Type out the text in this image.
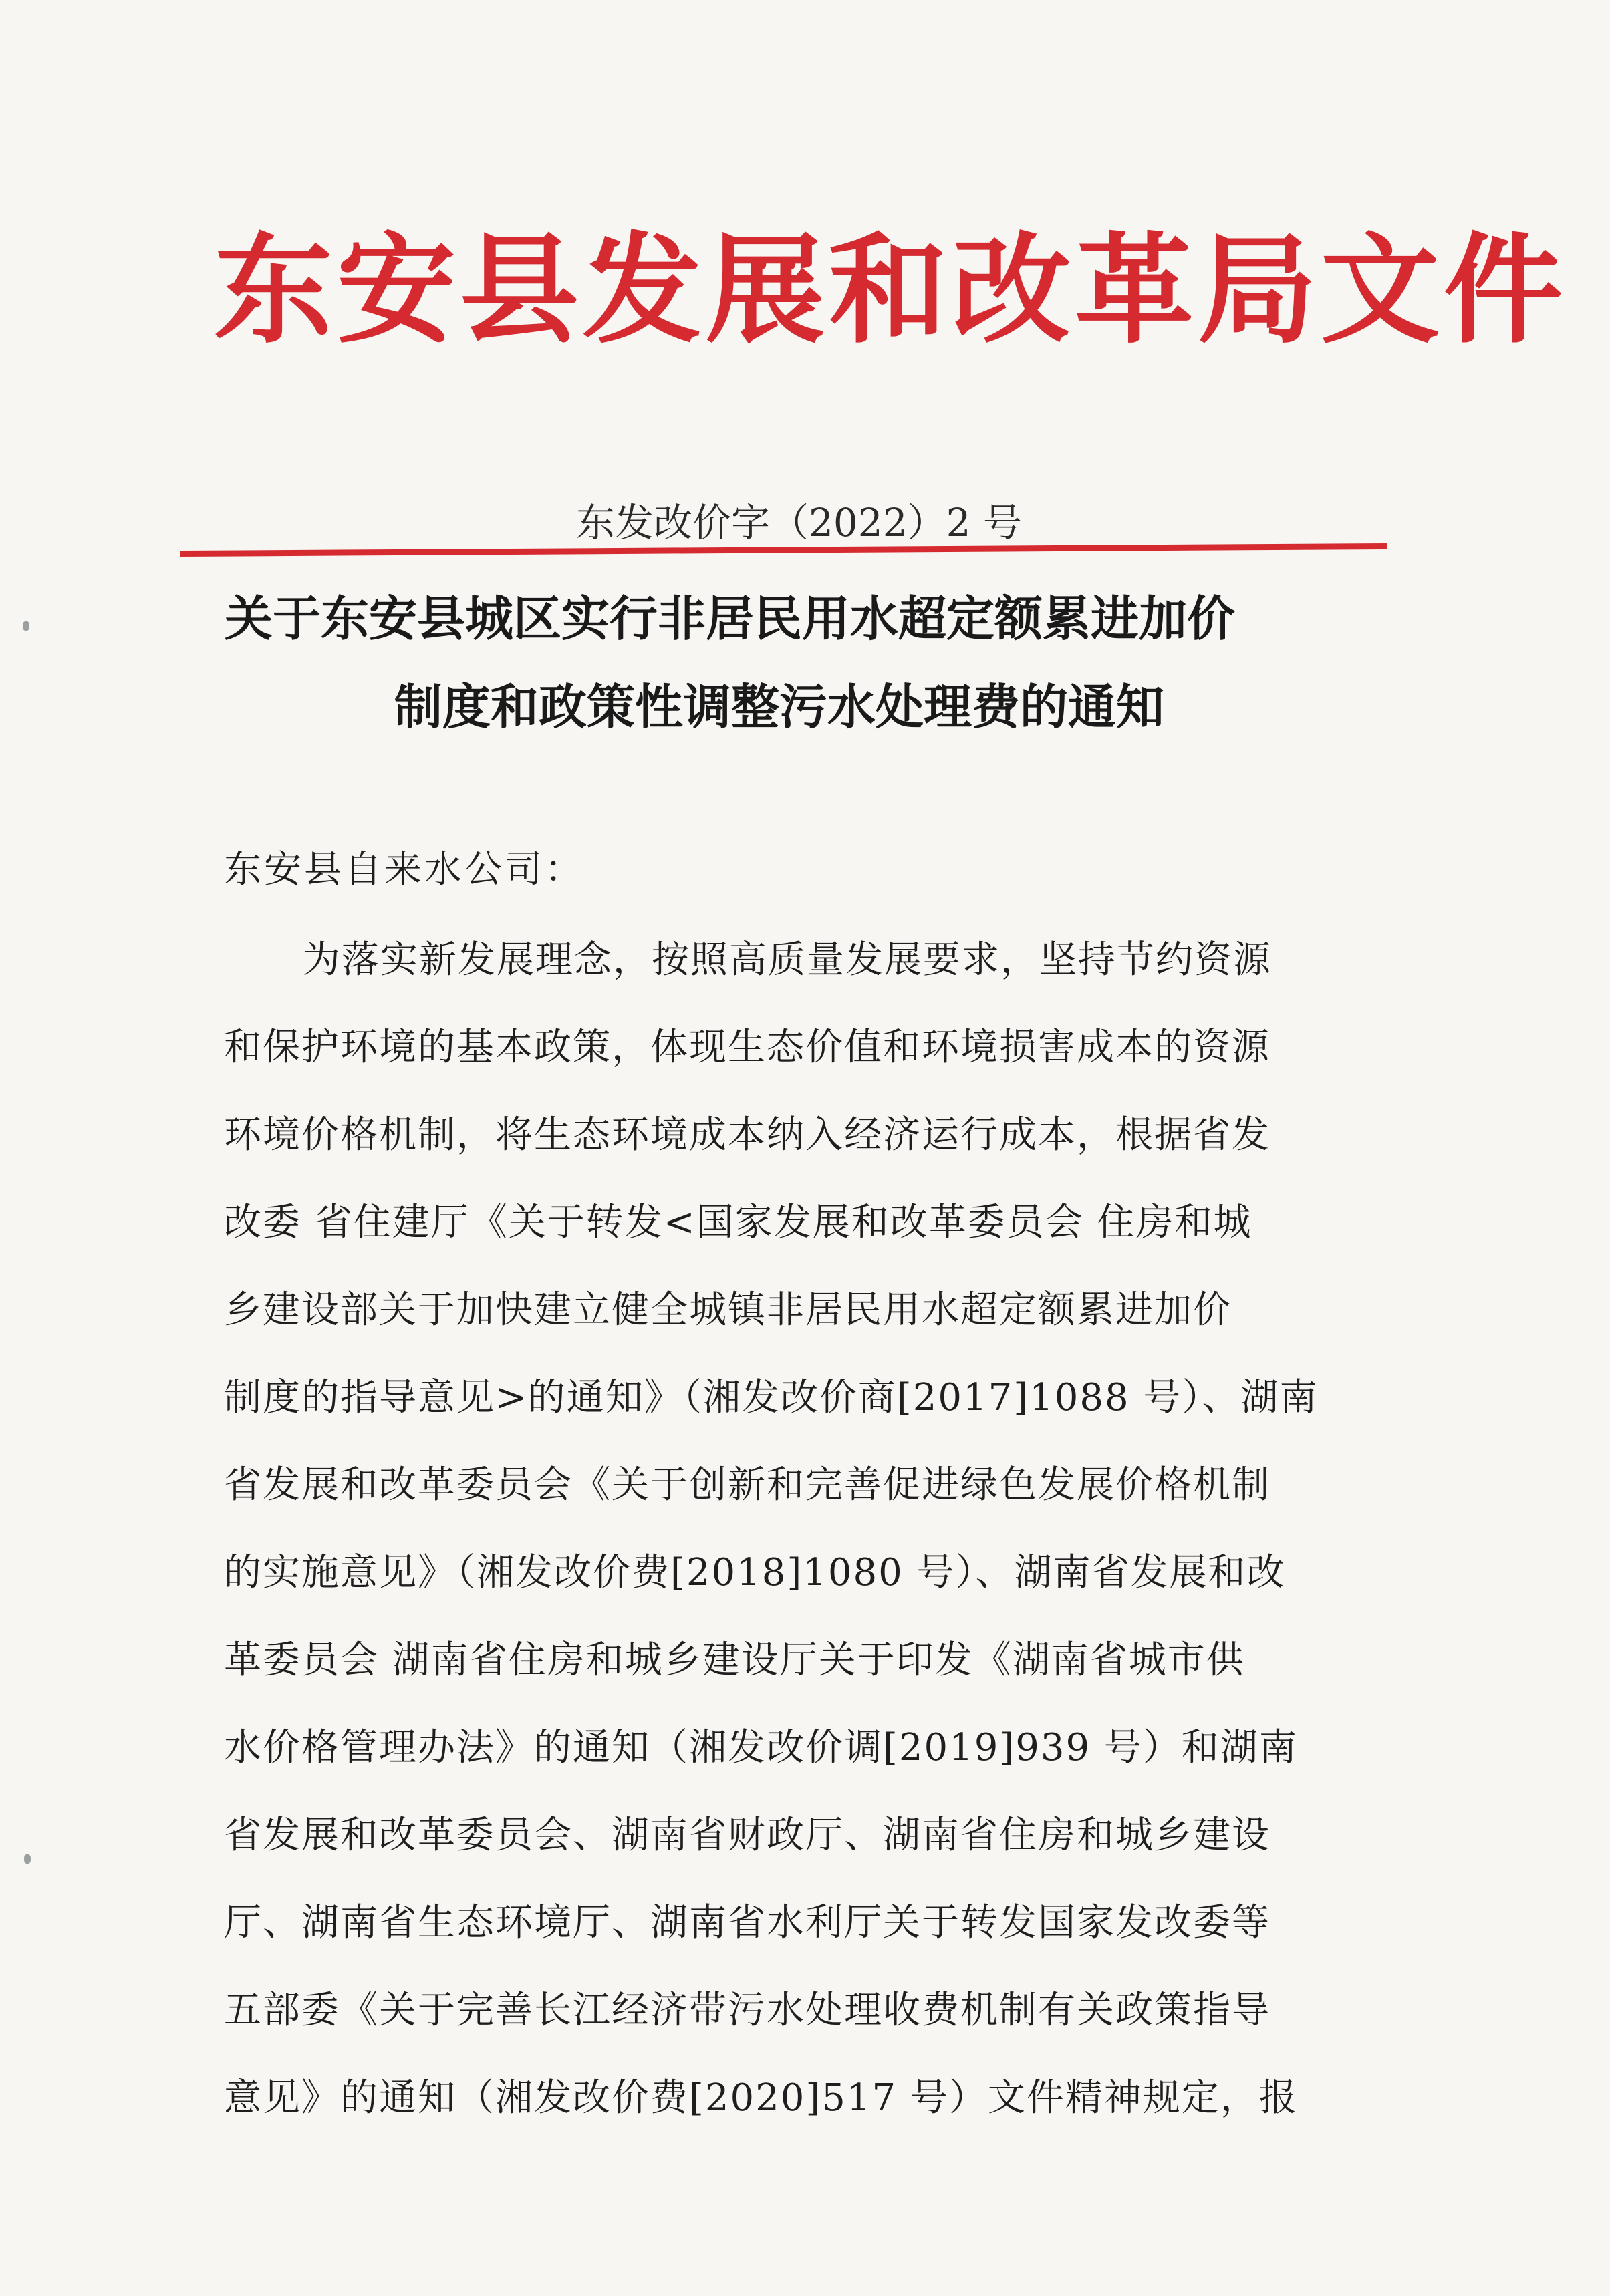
东安县发展和改革局文件
东发改价字（2022）2 号
关于东安县城区实行非居民用水超定额累进加价
制度和政策性调整污水处理费的通知
东安县自来水公司：
为落实新发展理念，按照高质量发展要求，坚持节约资源
和保护环境的基本政策，体现生态价值和环境损害成本的资源
环境价格机制，将生态环境成本纳入经济运行成本，根据省发
改委 省住建厅《关于转发<国家发展和改革委员会 住房和城
乡建设部关于加快建立健全城镇非居民用水超定额累进加价
制度的指导意见>的通知》（湘发改价商[2017]1088 号）、湖南
省发展和改革委员会《关于创新和完善促进绿色发展价格机制
的实施意见》（湘发改价费[2018]1080 号）、湖南省发展和改
革委员会 湖南省住房和城乡建设厅关于印发《湖南省城市供
水价格管理办法》的通知（湘发改价调[2019]939 号）和湖南
省发展和改革委员会、湖南省财政厅、湖南省住房和城乡建设
厅、湖南省生态环境厅、湖南省水利厅关于转发国家发改委等
五部委《关于完善长江经济带污水处理收费机制有关政策指导
意见》的通知（湘发改价费[2020]517 号）文件精神规定，报
